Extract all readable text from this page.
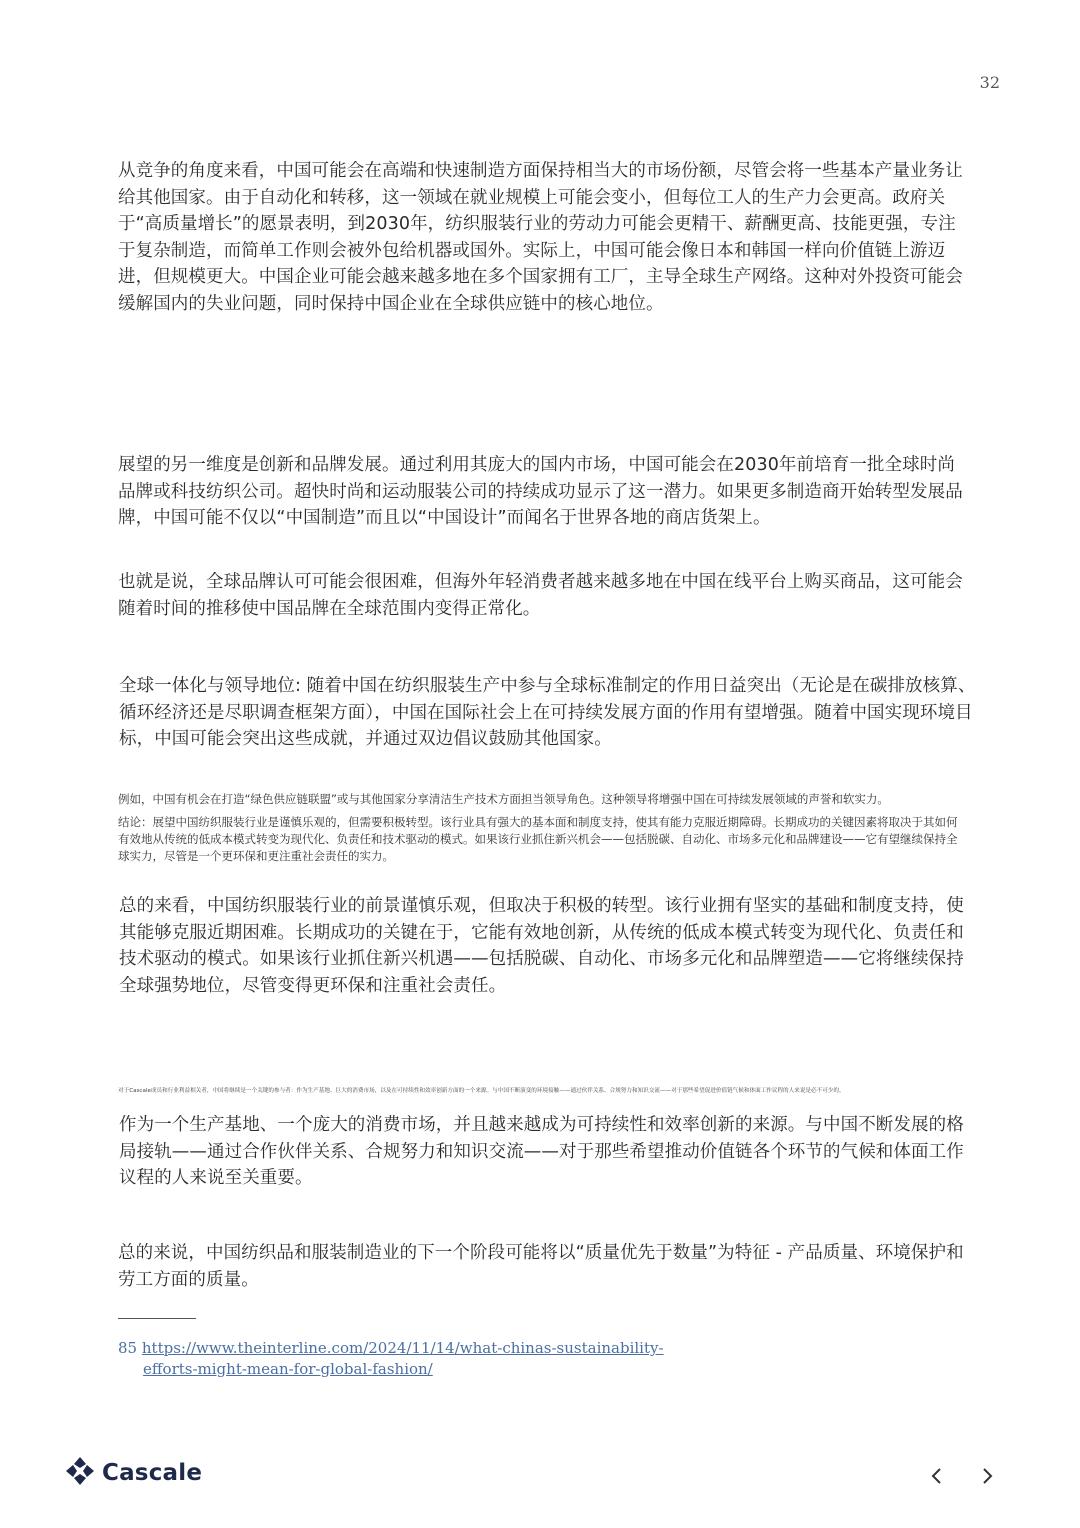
32

从竞争的角度来看，中国可能会在高端和快速制造方面保持相当大的市场份额，尽管会将一些基本产量业务让给其他国家。由于自动化和转移，这一领域在就业规模上可能会变小，但每位工人的生产力会更高。政府关于“高质量增长”的愿景表明，到2030年，纺织服装行业的劳动力可能会更精干、薪酬更高、技能更强，专注于复杂制造，而简单工作则会被外包给机器或国外。实际上，中国可能会像日本和韩国一样向价值链上游迈进，但规模更大。中国企业可能会越来越多地在多个国家拥有工厂，主导全球生产网络。这种对外投资可能会缓解国内的失业问题，同时保持中国企业在全球供应链中的核心地位。

展望的另一维度是创新和品牌发展。通过利用其庞大的国内市场，中国可能会在2030年前培育一批全球时尚品牌或科技纺织公司。超快时尚和运动服装公司的持续成功显示了这一潜力。如果更多制造商开始转型发展品牌，中国可能不仅以“中国制造”而且以“中国设计”而闻名于世界各地的商店货架上。

也就是说，全球品牌认可可能会很困难，但海外年轻消费者越来越多地在中国在线平台上购买商品，这可能会随着时间的推移使中国品牌在全球范围内变得正常化。

全球一体化与领导地位: 随着中国在纺织服装生产中参与全球标准制定的作用日益突出（无论是在碳排放核算、循环经济还是尽职调查框架方面），中国在国际社会上在可持续发展方面的作用有望增强。随着中国实现环境目标，中国可能会突出这些成就，并通过双边倡议鼓励其他国家。

例如，中国有机会在打造“绿色供应链联盟”或与其他国家分享清洁生产技术方面担当领导角色。这种领导将增强中国在可持续发展领域的声誉和软实力。

结论：展望中国纺织服装行业是谨慎乐观的，但需要积极转型。该行业具有强大的基本面和制度支持，使其有能力克服近期障碍。长期成功的关键因素将取决于其如何有效地从传统的低成本模式转变为现代化、负责任和技术驱动的模式。如果该行业抓住新兴机会——包括脱碳、自动化、市场多元化和品牌建设——它有望继续保持全球实力，尽管是一个更环保和更注重社会责任的实力。

总的来看，中国纺织服装行业的前景谨慎乐观，但取决于积极的转型。该行业拥有坚实的基础和制度支持，使其能够克服近期困难。长期成功的关键在于，它能有效地创新，从传统的低成本模式转变为现代化、负责任和技术驱动的模式。如果该行业抓住新兴机遇——包括脱碳、自动化、市场多元化和品牌塑造——它将继续保持全球强势地位，尽管变得更环保和注重社会责任。

对于Cascale成员和行业利益相关者，中国将继续是一个关键的参与者：作为生产基地、巨大的消费市场，以及在可持续性和效率创新方面的一个来源。与中国不断演变的环境接触——通过伙伴关系、合规努力和知识交流——对于那些希望促进价值链气候和体面工作议程的人来说是必不可少的。

作为一个生产基地、一个庞大的消费市场，并且越来越成为可持续性和效率创新的来源。与中国不断发展的格局接轨——通过合作伙伴关系、合规努力和知识交流——对于那些希望推动价值链各个环节的气候和体面工作议程的人来说至关重要。

总的来说，中国纺织品和服装制造业的下一个阶段可能将以“质量优先于数量”为特征 - 产品质量、环境保护和劳工方面的质量。

85 https://www.theinterline.com/2024/11/14/what-chinas-sustainability-
efforts-might-mean-for-global-fashion/
Cascale
